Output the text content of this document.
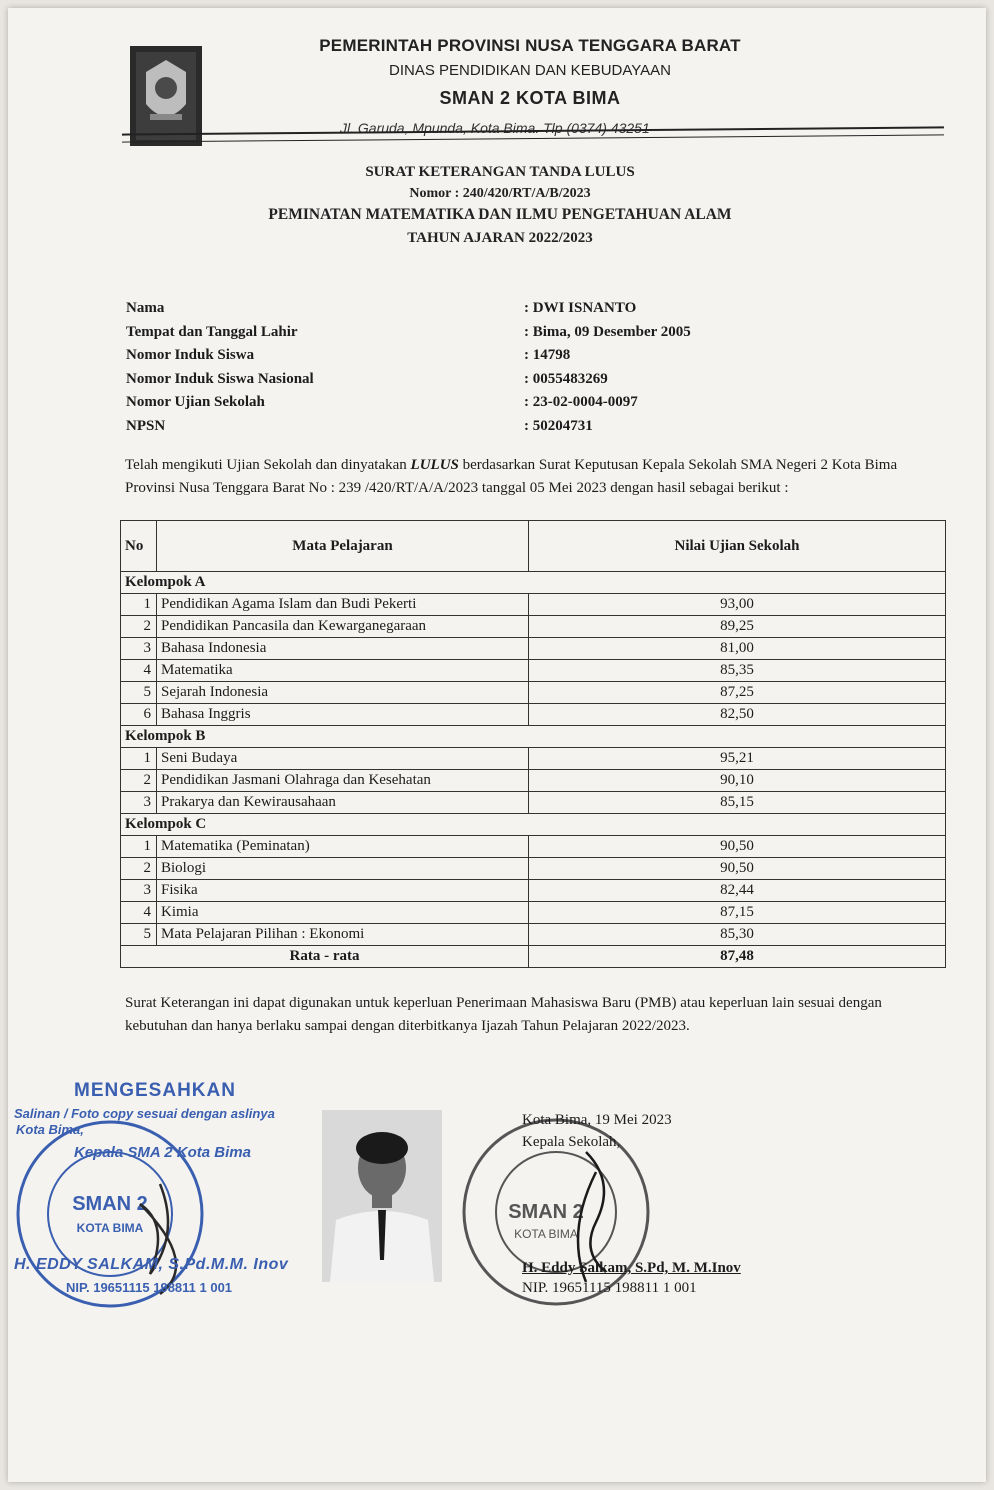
PEMERINTAH PROVINSI NUSA TENGGARA BARAT
DINAS PENDIDIKAN DAN KEBUDAYAAN
SMAN 2 KOTA BIMA
Jl. Garuda, Mpunda, Kota Bima. Tlp (0374) 43251
SURAT KETERANGAN TANDA LULUS
Nomor : 240/420/RT/A/B/2023
PEMINATAN MATEMATIKA DAN ILMU PENGETAHUAN ALAM
TAHUN AJARAN 2022/2023
Nama	: DWI ISNANTO
Tempat dan Tanggal Lahir	: Bima, 09 Desember 2005
Nomor Induk Siswa	: 14798
Nomor Induk Siswa Nasional	: 0055483269
Nomor Ujian Sekolah	: 23-02-0004-0097
NPSN	: 50204731
Telah mengikuti Ujian Sekolah dan dinyatakan LULUS berdasarkan Surat Keputusan Kepala Sekolah SMA Negeri 2 Kota Bima Provinsi Nusa Tenggara Barat No : 239 /420/RT/A/A/2023 tanggal 05 Mei 2023 dengan hasil sebagai berikut :
No	Mata Pelajaran	Nilai Ujian Sekolah
Kelompok A		
1	Pendidikan Agama Islam dan Budi Pekerti	93,00
2	Pendidikan Pancasila dan Kewarganegaraan	89,25
3	Bahasa Indonesia	81,00
4	Matematika	85,35
5	Sejarah Indonesia	87,25
6	Bahasa Inggris	82,50
Kelompok B		
1	Seni Budaya	95,21
2	Pendidikan Jasmani Olahraga dan Kesehatan	90,10
3	Prakarya dan Kewirausahaan	85,15
Kelompok C		
1	Matematika (Peminatan)	90,50
2	Biologi	90,50
3	Fisika	82,44
4	Kimia	87,15
5	Mata Pelajaran Pilihan : Ekonomi	85,30
Rata - rata		87,48
Surat Keterangan ini dapat digunakan untuk keperluan Penerimaan Mahasiswa Baru (PMB) atau keperluan lain sesuai dengan kebutuhan dan hanya berlaku sampai dengan diterbitkanya Ijazah Tahun Pelajaran 2022/2023.
SMAN 2
KOTA BIMA
MENGESAHKAN
Salinan / Foto copy sesuai dengan aslinya
Kota Bima,
Kepala SMA 2 Kota Bima
H. EDDY SALKAM, S.Pd.M.M. Inov
NIP. 19651115 198811 1 001
SMAN 2
KOTA BIMA
Kota Bima, 19 Mei 2023
Kepala Sekolah,
H. Eddy Salkam, S.Pd, M. M.Inov
NIP. 19651115 198811 1 001
